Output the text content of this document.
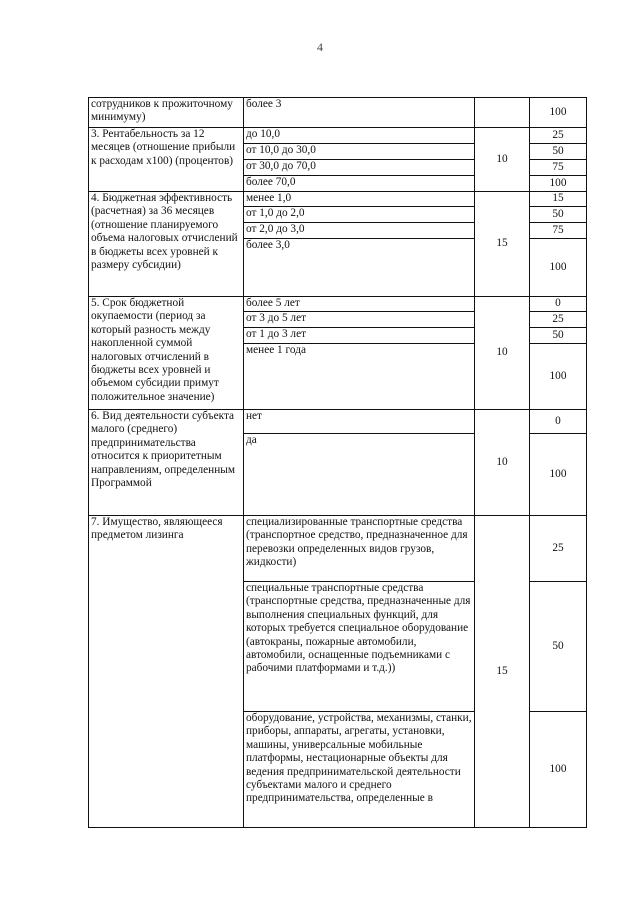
4
сотрудников к прожиточному минимуму)	более 3		100
3. Рентабельность за 12 месяцев (отношение прибыли к расходам х100) (процентов)	до 10,0	10	25
	от 10,0 до 30,0		50
	от 30,0 до 70,0		75
	более 70,0		100
4. Бюджетная эффективность (расчетная) за 36 месяцев (отношение планируемого объема налоговых отчислений в бюджеты всех уровней к размеру субсидии)	менее 1,0	15	15
	от 1,0 до 2,0		50
	от 2,0 до 3,0		75
	более 3,0		100
5. Срок бюджетной окупаемости (период за который разность между накопленной суммой налоговых отчислений в бюджеты всех уровней и объемом субсидии примут положительное значение)	более 5 лет	10	0
	от 3 до 5 лет		25
	от 1 до 3 лет		50
	менее 1 года		100
6. Вид деятельности субъекта малого (среднего) предпринимательства относится к приоритетным направлениям, определенным Программой	нет	10	0
	да		100
7. Имущество, являющееся предметом лизинга	специализированные транспортные средства (транспортное средство, предназначенное для перевозки определенных видов грузов, жидкости)	15	25
	специальные транспортные средства (транспортные средства, предназначенные для выполнения специальных функций, для которых требуется специальное оборудование (автокраны, пожарные автомобили, автомобили, оснащенные подъемниками с рабочими платформами и т.д.))		50
	оборудование, устройства, механизмы, станки, приборы, аппараты, агрегаты, установки, машины, универсальные мобильные платформы, нестационарные объекты для ведения предпринимательской деятельности субъектами малого и среднего предпринимательства, определенные в		100
